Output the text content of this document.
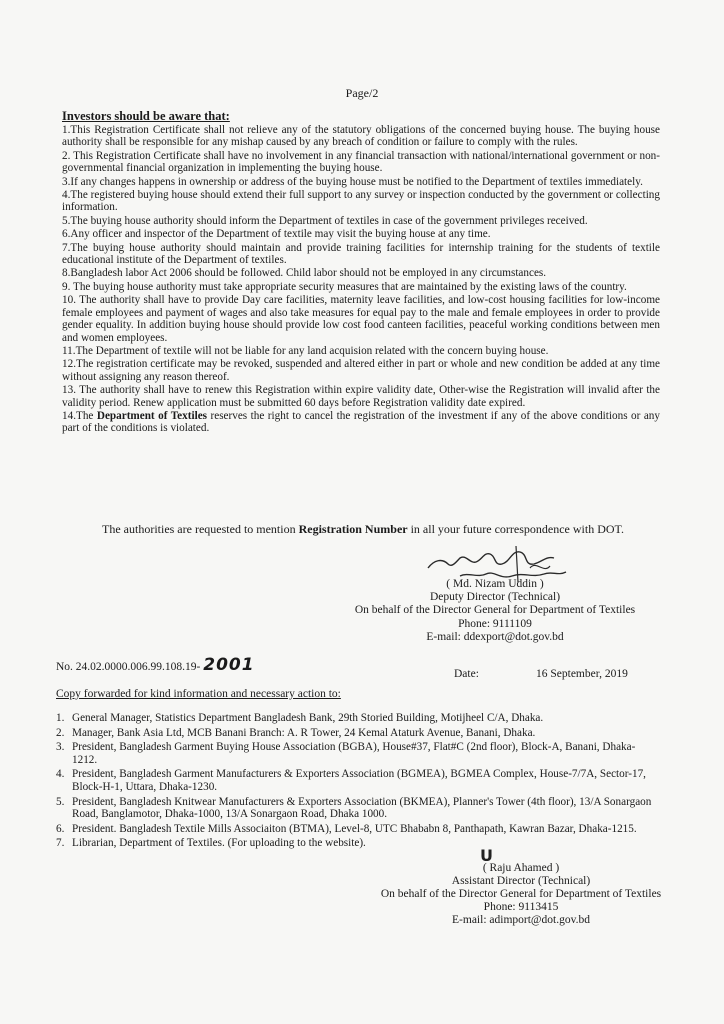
Page/2
Investors should be aware that:

1.This Registration Certificate shall not relieve any of the statutory obligations of the concerned buying house. The buying house authority shall be responsible for any mishap caused by any breach of condition or failure to comply with the rules.

2. This Registration Certificate shall have no involvement in any financial transaction with national/international government or non-governmental financial organization in implementing the buying house.

3.If any changes happens in ownership or address of the buying house must be notified to the Department of textiles immediately.

4.The registered buying house should extend their full support to any survey or inspection conducted by the government or collecting information.

5.The buying house authority should inform the Department of textiles in case of the government privileges received.

6.Any officer and inspector of the Department of textile may visit the buying house at any time.

7.The buying house authority should maintain and provide training facilities for internship training for the students of textile educational institute of the Department of textiles.

8.Bangladesh labor Act 2006 should be followed. Child labor should not be employed in any circumstances.

9. The buying house authority must take appropriate security measures that are maintained by the existing laws of the country.

10. The authority shall have to provide Day care facilities, maternity leave facilities, and low-cost housing facilities for low-income female employees and payment of wages and also take measures for equal pay to the male and female employees in order to provide gender equality. In addition buying house should provide low cost food canteen facilities, peaceful working conditions between men and women employees.

11.The Department of textile will not be liable for any land acquision related with the concern buying house.

12.The registration certificate may be revoked, suspended and altered either in part or whole and new condition be added at any time without assigning any reason thereof.

13. The authority shall have to renew this Registration within expire validity date, Other-wise the Registration will invalid after the validity period. Renew application must be submitted 60 days before Registration validity date expired.

14.The Department of Textiles reserves the right to cancel the registration of the investment if any of the above conditions or any part of the conditions is violated.

The authorities are requested to mention Registration Number in all your future correspondence with DOT.
( Md. Nizam Uddin )
Deputy Director (Technical)
On behalf of the Director General for Department of Textiles
Phone: 9111109
E-mail: ddexport@dot.gov.bd
No. 24.02.0000.006.99.108.19- 2001	Date:	16 September, 2019
Copy forwarded for kind information and necessary action to:
1. General Manager, Statistics Department Bangladesh Bank, 29th Storied Building, Motijheel C/A, Dhaka.
2. Manager, Bank Asia Ltd, MCB Banani Branch: A. R Tower, 24 Kemal Ataturk Avenue, Banani, Dhaka.
3. President, Bangladesh Garment Buying House Association (BGBA), House#37, Flat#C (2nd floor), Block-A, Banani, Dhaka-1212.
4. President, Bangladesh Garment Manufacturers & Exporters Association (BGMEA), BGMEA Complex, House-7/7A, Sector-17, Block-H-1, Uttara, Dhaka-1230.
5. President, Bangladesh Knitwear Manufacturers & Exporters Association (BKMEA), Planner's Tower (4th floor), 13/A Sonargaon Road, Banglamotor, Dhaka-1000, 13/A Sonargaon Road, Dhaka 1000.
6. President. Bangladesh Textile Mills Associaiton (BTMA), Level-8, UTC Bhababn 8, Panthapath, Kawran Bazar, Dhaka-1215.
7. Librarian, Department of Textiles. (For uploading to the website).
U
( Raju Ahamed )
Assistant Director (Technical)
On behalf of the Director General for Department of Textiles
Phone: 9113415
E-mail: adimport@dot.gov.bd
